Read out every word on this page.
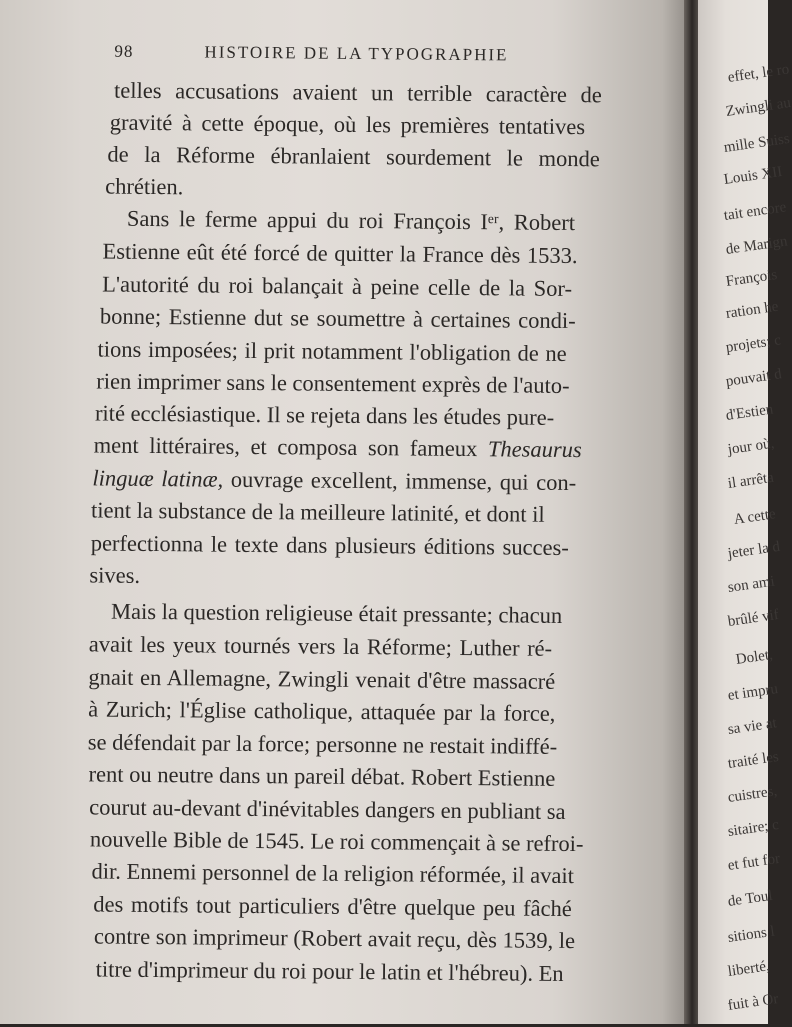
98	HISTOIRE DE LA TYPOGRAPHIE
telles accusations avaient un terrible caractère de
gravité à cette époque, où les premières tentatives
de la Réforme ébranlaient sourdement le monde
chrétien.
Sans le ferme appui du roi François Iᵉʳ, Robert
Estienne eût été forcé de quitter la France dès 1533.
L'autorité du roi balançait à peine celle de la Sor-
bonne; Estienne dut se soumettre à certaines condi-
tions imposées; il prit notamment l'obligation de ne
rien imprimer sans le consentement exprès de l'auto-
rité ecclésiastique. Il se rejeta dans les études pure-
ment littéraires, et composa son fameux Thesaurus
linguæ latinæ, ouvrage excellent, immense, qui con-
tient la substance de la meilleure latinité, et dont il
perfectionna le texte dans plusieurs éditions succes-
sives.
Mais la question religieuse était pressante; chacun
avait les yeux tournés vers la Réforme; Luther ré-
gnait en Allemagne, Zwingli venait d'être massacré
à Zurich; l'Église catholique, attaquée par la force,
se défendait par la force; personne ne restait indiffé-
rent ou neutre dans un pareil débat. Robert Estienne
courut au-devant d'inévitables dangers en publiant sa
nouvelle Bible de 1545. Le roi commençait à se refroi-
dir. Ennemi personnel de la religion réformée, il avait
des motifs tout particuliers d'être quelque peu fâché
contre son imprimeur (Robert avait reçu, dès 1539, le
titre d'imprimeur du roi pour le latin et l'hébreu). En
effet, le ro
Zwingli au
mille Suiss
Louis XII
tait encore
de Marign
François
ration he
projets; c
pouvait d
d'Estien
jour où,
il arrêta
A cette
jeter la d
son ami
brûlé vif
Dolet,
et impru
sa vie at
traité les
cuistres,
sitaire; c
et fut for
de Toul
sitions l
liberté,
fuit à Or
